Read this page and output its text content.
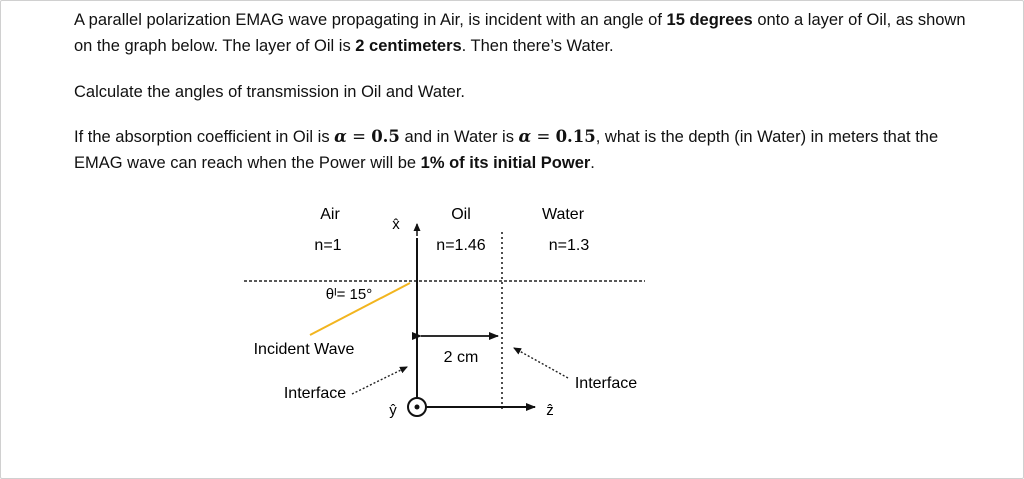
A parallel polarization EMAG wave propagating in Air, is incident with an angle of 15 degrees onto a layer of Oil, as shown on the graph below. The layer of Oil is 2 centimeters. Then there’s Water.

Calculate the angles of transmission in Oil and Water.

If the absorption coefficient in Oil is α = 0.5 and in Water is α = 0.15, what is the depth (in Water) in meters that the EMAG wave can reach when the Power will be 1% of its initial Power.

Air
n=1
Oil
n=1.46
Water
n=1.3
x̂
ŷ	ẑ
θᴵ= 15°
Incident Wave	2 cm
Interface
Interface
